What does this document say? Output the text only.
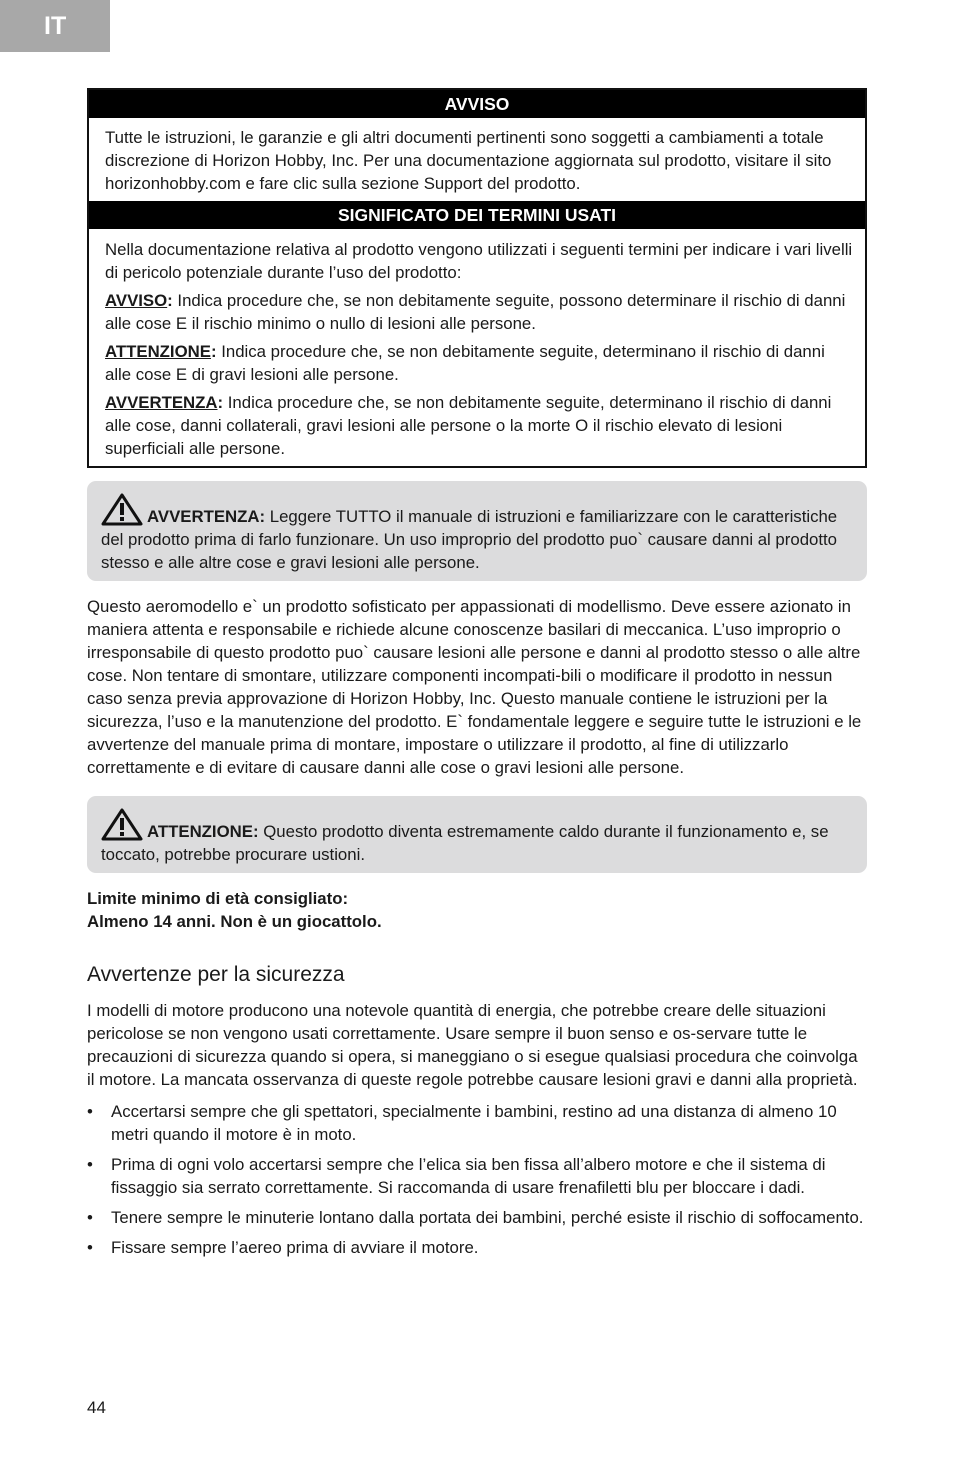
IT
AVVISO

Tutte le istruzioni, le garanzie e gli altri documenti pertinenti sono soggetti a cambiamenti a totale discrezione di Horizon Hobby, Inc. Per una documentazione aggiornata sul prodotto, visitare il sito horizonhobby.com e fare clic sulla sezione Support del prodotto.

SIGNIFICATO DEI TERMINI USATI

Nella documentazione relativa al prodotto vengono utilizzati i seguenti termini per indicare i vari livelli di pericolo potenziale durante l’uso del prodotto:

AVVISO: Indica procedure che, se non debitamente seguite, possono determinare il rischio di danni alle cose E il rischio minimo o nullo di lesioni alle persone.

ATTENZIONE: Indica procedure che, se non debitamente seguite, determinano il rischio di danni alle cose E di gravi lesioni alle persone.

AVVERTENZA: Indica procedure che, se non debitamente seguite, determinano il rischio di danni alle cose, danni collaterali, gravi lesioni alle persone o la morte O il rischio elevato di lesioni superficiali alle persone.

AVVERTENZA: Leggere TUTTO il manuale di istruzioni e familiarizzare con le caratteristiche del prodotto prima di farlo funzionare. Un uso improprio del prodotto puo` causare danni al prodotto stesso e alle altre cose e gravi lesioni alle persone.

Questo aeromodello e` un prodotto sofisticato per appassionati di modellismo. Deve essere azionato in maniera attenta e responsabile e richiede alcune conoscenze basilari di meccanica. L’uso improprio o irresponsabile di questo prodotto puo` causare lesioni alle persone e danni al prodotto stesso o alle altre cose. Non tentare di smontare, utilizzare componenti incompati-bili o modificare il prodotto in nessun caso senza previa approvazione di Horizon Hobby, Inc. Questo manuale contiene le istruzioni per la sicurezza, l’uso e la manutenzione del prodotto. E` fondamentale leggere e seguire tutte le istruzioni e le avvertenze del manuale prima di montare, impostare o utilizzare il prodotto, al fine di utilizzarlo correttamente e di evitare di causare danni alle cose o gravi lesioni alle persone.

ATTENZIONE: Questo prodotto diventa estremamente caldo durante il funzionamento e, se toccato, potrebbe procurare ustioni.
Limite minimo di età consigliato:
Almeno 14 anni. Non è un giocattolo.
Avvertenze per la sicurezza

I modelli di motore producono una notevole quantità di energia, che potrebbe creare delle situazioni pericolose se non vengono usati correttamente. Usare sempre il buon senso e os-servare tutte le precauzioni di sicurezza quando si opera, si maneggiano o si esegue qualsiasi procedura che coinvolga il motore. La mancata osservanza di queste regole potrebbe causare lesioni gravi e danni alla proprietà.

• Accertarsi sempre che gli spettatori, specialmente i bambini, restino ad una distanza di almeno 10 metri quando il motore è in moto.
• Prima di ogni volo accertarsi sempre che l’elica sia ben fissa all’albero motore e che il sistema di fissaggio sia serrato correttamente. Si raccomanda di usare frenafiletti blu per bloccare i dadi.
• Tenere sempre le minuterie lontano dalla portata dei bambini, perché esiste il rischio di soffocamento.
• Fissare sempre l’aereo prima di avviare il motore.
44
